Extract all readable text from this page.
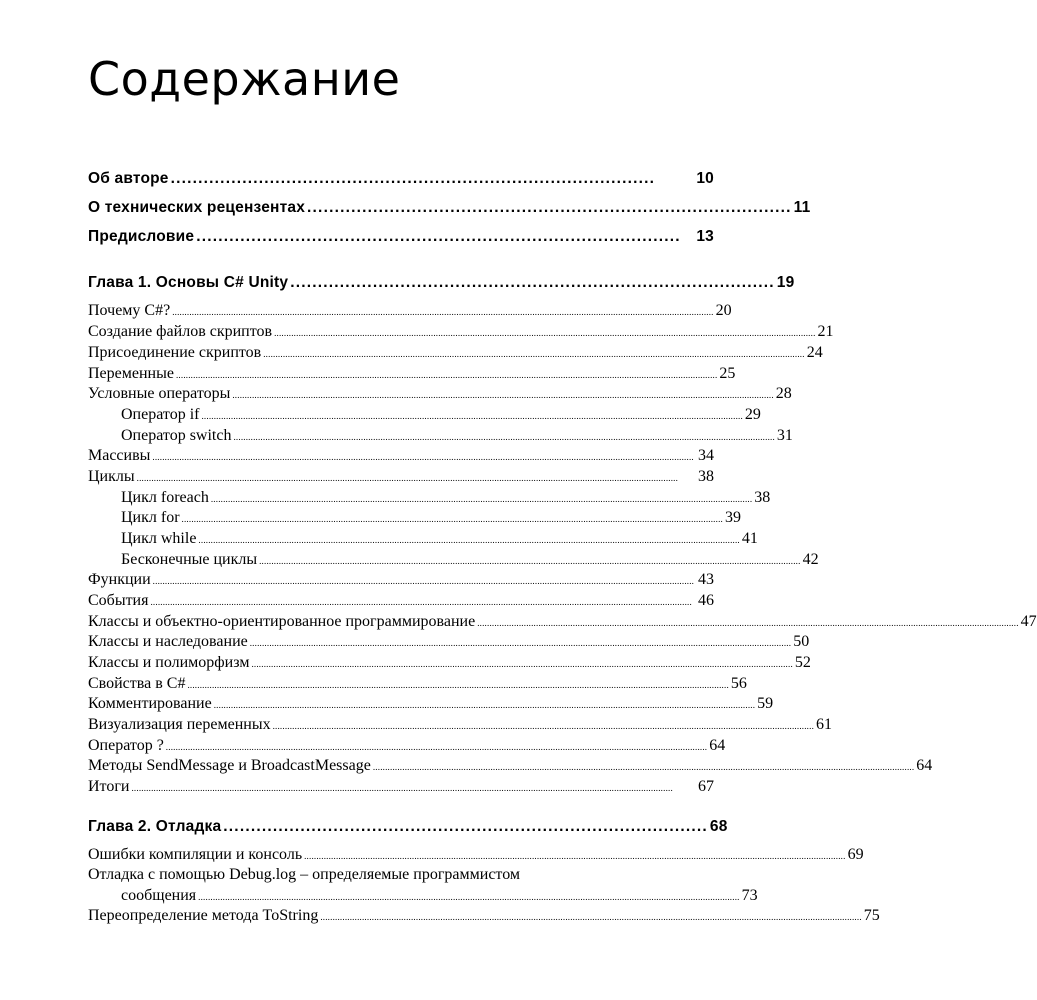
Содержание
Об авторе ........................................................................................	10
О технических рецензентах ........................................................................................ 11
Предисловие ........................................................................................	13
Глава 1. Основы C# Unity ........................................................................................ 19
Почему C#? ............................................................................................................................................................................................................................. 20
Создание файлов скриптов ............................................................................................................................................................................................................................. 21
Присоединение скриптов ............................................................................................................................................................................................................................. 24
Переменные ............................................................................................................................................................................................................................. 25
Условные операторы ............................................................................................................................................................................................................................. 28
Оператор if ............................................................................................................................................................................................................................. 29
Оператор switch ............................................................................................................................................................................................................................. 31
Массивы ............................................................................................................................................................................................................................. 34
Циклы .............................................................................................................................................................................................................................	38
Цикл foreach ............................................................................................................................................................................................................................. 38
Цикл for ............................................................................................................................................................................................................................. 39
Цикл while ............................................................................................................................................................................................................................. 41
Бесконечные циклы ............................................................................................................................................................................................................................. 42
Функции ............................................................................................................................................................................................................................. 43
События ............................................................................................................................................................................................................................. 46
Классы и объектно-ориентированное программирование ............................................................................................................................................................................................................................. 47
Классы и наследование ............................................................................................................................................................................................................................. 50
Классы и полиморфизм ............................................................................................................................................................................................................................. 52
Свойства в C# ............................................................................................................................................................................................................................. 56
Комментирование ............................................................................................................................................................................................................................. 59
Визуализация переменных ............................................................................................................................................................................................................................. 61
Оператор ? ............................................................................................................................................................................................................................. 64
Методы SendMessage и BroadcastMessage ............................................................................................................................................................................................................................. 64
Итоги .............................................................................................................................................................................................................................	67
Глава 2. Отладка ........................................................................................ 68
Ошибки компиляции и консоль ............................................................................................................................................................................................................................. 69
Отладка с помощью Debug.log – определяемые программистом
сообщения ............................................................................................................................................................................................................................. 73
Переопределение метода ToString ............................................................................................................................................................................................................................. 75
